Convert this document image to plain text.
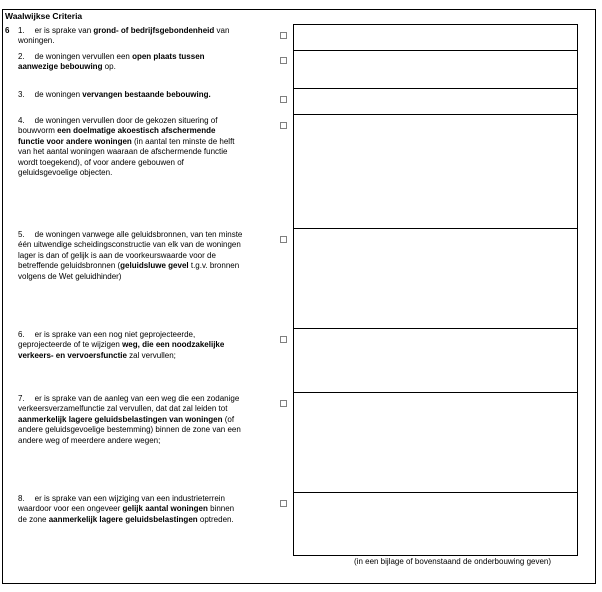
Waalwijkse Criteria
6 1. er is sprake van grond- of bedrijfsgebondenheid van woningen.
2. de woningen vervullen een open plaats tussen aanwezige bebouwing op.
3. de woningen vervangen bestaande bebouwing.
4. de woningen vervullen door de gekozen situering of bouwvorm een doelmatige akoestisch afschermende functie voor andere woningen (in aantal ten minste de helft van het aantal woningen waaraan de afschermende functie wordt toegekend), of voor andere gebouwen of geluidsgevoelige objecten.
5. de woningen vanwege alle geluidsbronnen, van ten minste één uitwendige scheidingsconstructie van elk van de woningen lager is dan of gelijk is aan de voorkeurswaarde voor de betreffende geluidsbronnen (geluidsluwe gevel t.g.v. bronnen volgens de Wet geluidhinder)
6. er is sprake van een nog niet geprojecteerde, geprojecteerde of te wijzigen weg, die een noodzakelijke verkeers- en vervoersfunctie zal vervullen;
7. er is sprake van de aanleg van een weg die een zodanige verkeersverzamelfunctie zal vervullen, dat dat zal leiden tot aanmerkelijk lagere geluidsbelastingen van woningen (of andere geluidsgevoelige bestemming) binnen de zone van een andere weg of meerdere andere wegen;
8. er is sprake van een wijziging van een industrieterrein waardoor voor een ongeveer gelijk aantal woningen binnen de zone aanmerkelijk lagere geluidsbelastingen optreden.
(in een bijlage of bovenstaand de onderbouwing geven)
